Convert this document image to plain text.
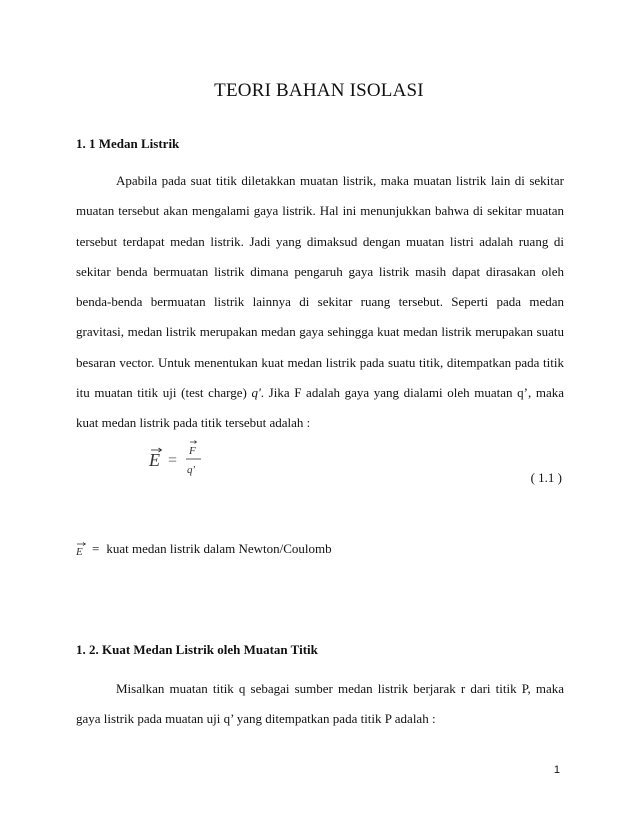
TEORI BAHAN ISOLASI
1. 1 Medan Listrik
Apabila pada suat titik diletakkan muatan listrik, maka muatan listrik lain di sekitar muatan tersebut akan mengalami gaya listrik. Hal ini menunjukkan bahwa di sekitar muatan tersebut terdapat medan listrik. Jadi yang dimaksud dengan muatan listri adalah ruang di sekitar benda bermuatan listrik dimana pengaruh gaya listrik masih dapat dirasakan oleh benda-benda bermuatan listrik lainnya di sekitar ruang tersebut. Seperti pada medan gravitasi, medan listrik merupakan medan gaya sehingga kuat medan listrik merupakan suatu besaran vector. Untuk menentukan kuat medan listrik pada suatu titik, ditempatkan pada titik itu muatan titik uji (test charge) q'. Jika F adalah gaya yang dialami oleh muatan q’, maka kuat medan listrik pada titik tersebut adalah :
E =
F
q'	( 1.1 )
E = kuat medan listrik dalam Newton/Coulomb
1. 2. Kuat Medan Listrik oleh Muatan Titik
Misalkan muatan titik q sebagai sumber medan listrik berjarak r dari titik P, maka gaya listrik pada muatan uji q’ yang ditempatkan pada titik P adalah :
1
